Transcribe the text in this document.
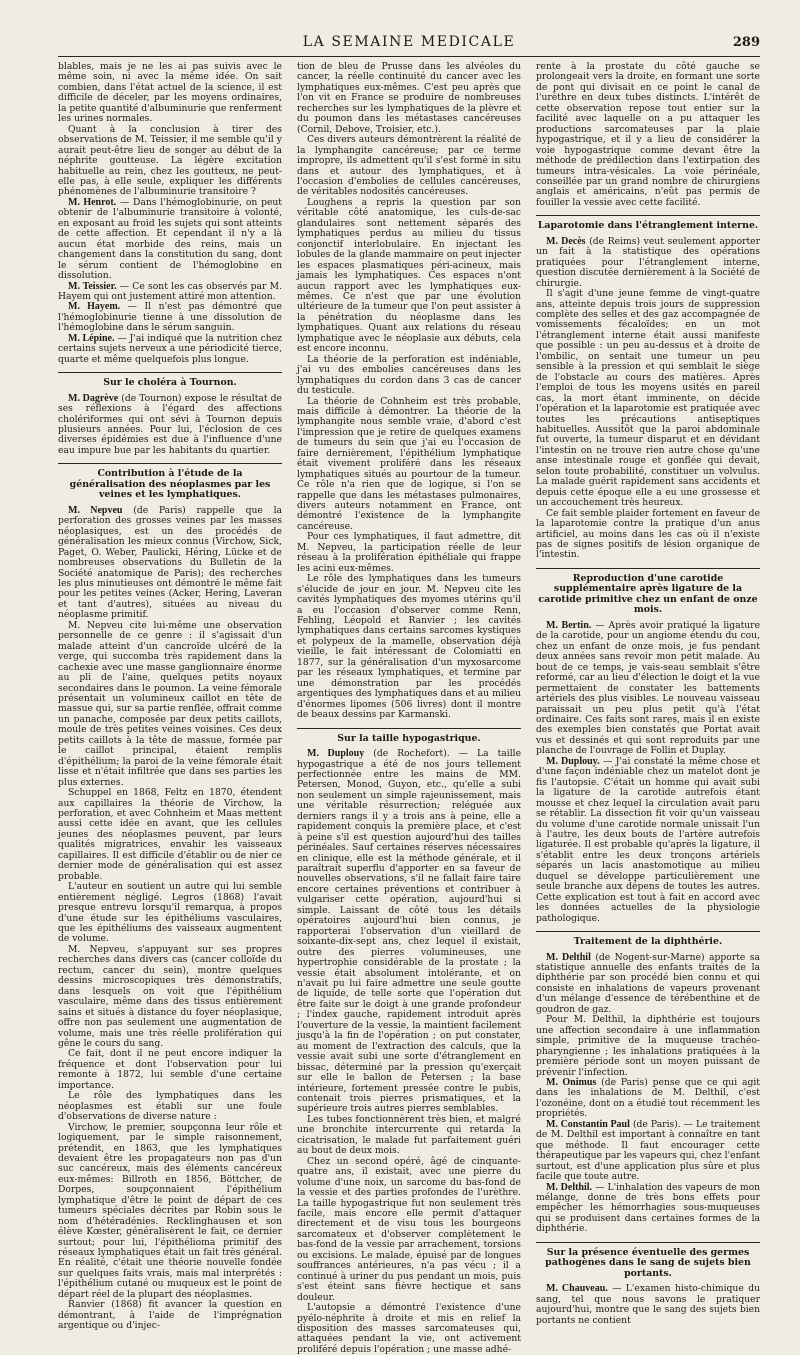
LA SEMAINE MEDICALE	289

blables, mais je ne les ai pas suivis avec le même soin, ni avec la même idée. On sait combien, dans l'état actuel de la science, il est difficile de déceler, par les moyens ordinaires, la petite quantité d'albuminurie que renferment les urines normales.

Quant à la conclusion à tirer des observations de M. Teissier, il me semble qu'il y aurait peut-être lieu de songer au début de la néphrite goutteuse. La légère excitation habituelle au rein, chez les goutteux, ne peut-elle pas, à elle seule, expliquer les différents phénomènes de l'albuminurie transitoire ?

M. Henrot. — Dans l'hémoglobinurie, on peut obtenir de l'albuminurie transitoire à volonté, en exposant au froid les sujets qui sont atteints de cette affection. Et cependant il n'y a là aucun état morbide des reins, mais un changement dans la constitution du sang, dont le sérum contient de l'hémoglobine en dissolution.

M. Teissier. — Ce sont les cas observés par M. Hayem qui ont justement attiré mon attention.

M. Hayem. — Il n'est pas démontré que l'hémoglobinurie tienne à une dissolution de l'hémoglobine dans le sérum sanguin.

M. Lépine. — J'ai indiqué que la nutrition chez certains sujets nerveux a une périodicité tierce, quarte et même quelquefois plus longue.

Sur le choléra à Tournon.

M. Dagrève (de Tournon) expose le résultat de ses réflexions à l'égard des affections cholériformes qui ont sévi à Tournon depuis plusieurs années. Pour lui, l'éclosion de ces diverses épidémies est due à l'influence d'une eau impure bue par les habitants du quartier.

Contribution à l'étude de la généralisation des néoplasmes par les veines et les lymphatiques.

M. Nepveu (de Paris) rappelle que la perforation des grosses veines par les masses néoplasiques, est un des procédés de généralisation les mieux connus (Virchow, Sick, Paget, O. Weber, Paulicki, Héring, Lücke et de nombreuses observations du Bulletin de la Société anatomique de Paris); des recherches les plus minutieuses ont démontré le même fait pour les petites veines (Acker, Hering, Laveran et tant d'autres), situées au niveau du néoplasme primitif.

M. Nepveu cite lui-même une observation personnelle de ce genre : il s'agissait d'un malade atteint d'un cancroïde ulcéré de la verge, qui succomba très rapidement dans la cachexie avec une masse ganglionnaire énorme au pli de l'aine, quelques petits noyaux secondaires dans le poumon. La veine fémorale présentait un volumineux caillot en tête de massue qui, sur sa partie renflée, offrait comme un panache, composée par deux petits caillots, moule de très petites veines voisines. Ces deux petits caillots à la tête de massue, formée par le caillot principal, étaient remplis d'épithélium; la paroi de la veine fémorale était lisse et n'était infiltrée que dans ses parties les plus externes.

Schuppel en 1868, Feltz en 1870, étendent aux capillaires la théorie de Virchow, la perforation, et avec Cohnheim et Maas mettent aussi cette idée en avant, que les cellules jeunes des néoplasmes peuvent, par leurs qualités migratrices, envahir les vaisseaux capillaires. Il est difficile d'établir ou de nier ce dernier mode de généralisation qui est assez probable.

L'auteur en soutient un autre qui lui semble entièrement négligé. Legros (1868) l'avait presque entrevu lorsqu'il remarqua, à propos d'une étude sur les épithéliums vasculaires, que les épithéliums des vaisseaux augmentent de volume.

M. Nepveu, s'appuyant sur ses propres recherches dans divers cas (cancer colloïde du rectum, cancer du sein), montre quelques dessins microscopiques très démonstratifs, dans lesquels on voit que l'épithélium vasculaire, même dans des tissus entièrement sains et situés à distance du foyer néoplasique, offre non pas seulement une augmentation de volume, mais une très réelle prolifération qui gêne le cours du sang.

Ce fait, dont il ne peut encore indiquer la fréquence et dont l'observation pour lui remonte à 1872, lui semble d'une certaine importance.

Le rôle des lymphatiques dans les néoplasmes est établi sur une foule d'observations de diverse nature :

Virchow, le premier, soupçonna leur rôle et logiquement, par le simple raisonnement, prétendit, en 1863, que les lymphatiques devaient être les propagateurs non pas d'un suc cancéreux, mais des éléments cancéreux eux-mêmes: Billroth en 1856, Böttcher, de Dorpes, soupçonnaient l'épithélium lymphatique d'être le point de départ de ces tumeurs spéciales décrites par Robin sous le nom d'hétéradénies. Recklinghausen et son élève Kœster, généralisèrent le fait, ce dernier surtout; pour lui, l'épithélioma primitif des réseaux lymphatiques était un fait très général. En réalité, c'était une théorie nouvelle fondée sur quelques faits vrais, mais mal interprétés : l'épithélium cutané ou muqueux est le point de départ réel de la plupart des néoplasmes.

Ranvier (1868) fit avancer la question en démontrant, à l'aide de l'imprégnation argentique ou d'injec-

tion de bleu de Prusse dans les alvéoles du cancer, la réelle continuité du cancer avec les lymphatiques eux-mêmes. C'est peu après que l'on vit en France se produire de nombreuses recherches sur les lymphatiques de la plèvre et du poumon dans les métastases cancéreuses (Cornil, Debove, Troisier, etc.).

Ces divers auteurs démontrèrent la réalité de la lymphangite cancéreuse; par ce terme impropre, ils admettent qu'il s'est formé in situ dans et autour des lymphatiques, et à l'occasion d'embolies de cellules cancéreuses, de véritables nodosités cancéreuses.

Loughens a repris la question par son véritable côté anatomique, les culs-de-sac glandulaires sont nettement séparés des lymphatiques perdus au milieu du tissus conjonctif interlobulaire. En injectant les lobules de la glande mammaire on peut injecter les espaces plasmatiques péri-acineux, mais jamais les lymphatiques. Ces espaces n'ont aucun rapport avec les lymphatiques eux-mêmes. Ce n'est que par une évolution ultérieure de la tumeur que l'on peut assister à la pénétration du néoplasme dans les lymphatiques. Quant aux relations du réseau lymphatique avec le néoplasie aux débuts, cela est encore inconnu.

La théorie de la perforation est indéniable, j'ai vu des embolies cancéreuses dans les lymphatiques du cordon dans 3 cas de cancer du testicule.

La théorie de Cohnheim est très probable, mais difficile à démontrer. La théorie de la lymphangite nous semble vraie, d'abord c'est l'impression que je retire de quelques examens de tumeurs du sein que j'ai eu l'occasion de faire dernièrement, l'épithélium lymphatique était vivement proliféré dans les réseaux lymphatiques situés au pourtour de la tumeur. Ce rôle n'a rien que de logique, si l'on se rappelle que dans les métastases pulmonaires, divers auteurs notamment en France, ont démontré l'existence de la lymphangite cancéreuse.

Pour ces lymphatiques, il faut admettre, dit M. Nepveu, la participation réelle de leur réseau à la prolifération épithéliale qui frappe les acini eux-mêmes.

Le rôle des lymphatiques dans les tumeurs s'élucide de jour en jour. M. Nepveu cite les cavités lymphatiques des myomes utérins qu'il a eu l'occasion d'observer comme Renn, Fehling, Léopold et Ranvier ; les cavités lymphatiques dans certains sarcomes kystiques et polypeux de la mamelle, observation déjà vieille, le fait intéressant de Colomiatti en 1877, sur la généralisation d'un myxosarcome par les réseaux lymphatiques, et termine par une démonstration par les procédés argentiques des lymphatiques dans et au milieu d'énormes lipomes (506 livres) dont il montre de beaux dessins par Karmanski.

Sur la taille hypogastrique.

M. Duplouy (de Rochefort). — La taille hypogastrique a été de nos jours tellement perfectionnée entre les mains de MM. Petersen, Monod, Guyon, etc., qu'elle a subi non seulement un simple rajeunissement, mais une véritable résurrection; reléguée aux derniers rangs il y a trois ans à peine, elle a rapidement conquis la première place, et c'est à peine s'il est question aujourd'hui des tailles périnéales. Sauf certaines réserves nécessaires en clinique, elle est la méthode générale, et il paraîtrait superflu d'apporter en sa faveur de nouvelles observations, s'il ne fallait faire taire encore certaines préventions et contribuer à vulgariser cette opération, aujourd'hui si simple. Laissant de côté tous les détails opératoires aujourd'hui bien connus, je rapporterai l'observation d'un vieillard de soixante-dix-sept ans, chez lequel il existait, outre des pierres volumineuses, une hypertrophie considérable de la prostate ; la vessie était absolument intolérante, et on n'avait pu lui faire admettre une seule goutte de liquide, de telle sorte que l'opération dut être faite sur le doigt à une grande profondeur ; l'index gauche, rapidement introduit après l'ouverture de la vessie, la maintient facilement jusqu'à la fin de l'opération ; on put constater, au moment de l'extraction des calculs, que la vessie avait subi une sorte d'étranglement en bissac, déterminé par la pression qu'exerçait sur elle le ballon de Petersen ; la base intérieure, fortement pressée contre le pubis, contenait trois pierres prismatiques, et la supérieure trois autres pierres semblables.

Les tubes fonctionnèrent très bien, et malgré une bronchite intercurrente qui retarda la cicatrisation, le malade fut parfaitement guéri au bout de deux mois.

Chez un second opéré, âgé de cinquante-quatre ans, il existait, avec une pierre du volume d'une noix, un sarcome du bas-fond de la vessie et des parties profondes de l'urèthre. La taille hypogastrique fut non seulement très facile, mais encore elle permit d'attaquer directement et de visu tous les bourgeons sarcomateux et d'observer complètement le bas-fond de la vessie par arrachement, torsions ou excisions. Le malade, épuisé par de longues souffrances antérieures, n'a pas vécu ; il a continué à uriner du pus pendant un mois, puis s'est éteint sans fièvre hectique et sans douleur.

L'autopsie a démontré l'existence d'une pyélo-néphrite à droite et mis en relief la disposition des masses sarcomateuses qui, attaquées pendant la vie, ont activement proliféré depuis l'opération ; une masse adhé-

rente à la prostate du côté gauche se prolongeait vers la droite, en formant une sorte de pont qui divisait en ce point le canal de l'urèthre en deux tubes distincts. L'intérêt de cette observation repose tout entier sur la facilité avec laquelle on a pu attaquer les productions sarcomateuses par la plaie hypogastrique, et il y a lieu de considérer la voie hypogastrique comme devant être la méthode de prédilection dans l'extirpation des tumeurs intra-vésicales. La voie périnéale, conseillée par un grand nombre de chirurgiens anglais et américains, n'eût pas permis de fouiller la vessie avec cette facilité.

Laparotomie dans l'étranglement interne.

M. Decès (de Reims) veut seulement apporter un fait à la statistique des opérations pratiquées pour l'étranglement interne, question discutée dernièrement à la Société de chirurgie.

Il s'agit d'une jeune femme de vingt-quatre ans, atteinte depuis trois jours de suppression complète des selles et des gaz accompagnée de vomissements fécaloïdes; en un mot l'étranglement interne était aussi manifeste que possible : un peu au-dessus et à droite de l'ombilic, on sentait une tumeur un peu sensible à la pression et qui semblait le siège de l'obstacle au cours des matières. Après l'emploi de tous les moyens usités en pareil cas, la mort étant imminente, on décide l'opération et la laparotomie est pratiquée avec toutes les précautions antiseptiques habituelles. Aussitôt que la paroi abdominale fut ouverte, la tumeur disparut et en dévidant l'intestin on ne trouve rien autre chose qu'une anse intestinale rouge et gonflée qui devait, selon toute probabilité, constituer un volvulus. La malade guérit rapidement sans accidents et depuis cette époque elle a eu une grossesse et un accouchement très heureux.

Ce fait semble plaider fortement en faveur de la laparotomie contre la pratique d'un anus artificiel, au moins dans les cas où il n'existe pas de signes positifs de lésion organique de l'intestin.

Reproduction d'une carotide supplémentaire après ligature de la carotide primitive chez un enfant de onze mois.

M. Bertin. — Après avoir pratiqué la ligature de la carotide, pour un angiome étendu du cou, chez un enfant de onze mois, je fus pendant deux années sans revoir mon petit malade. Au bout de ce temps, je vais-seau semblait s'être reformé, car au lieu d'élection le doigt et la vue permettaient de constater les battements artériels des plus visibles. Le nouveau vaisseau paraissait un peu plus petit qu'à l'état ordinaire. Ces faits sont rares, mais il en existe des exemples bien constatés que Portat avait vus et dessinés et qui sont reproduits par une planche de l'ouvrage de Follin et Duplay.

M. Duplouy. — J'ai constaté la même chose et d'une façon indéniable chez un matelot dont je fis l'autopsie. C'était un homme qui avait subi la ligature de la carotide autrefois étant mousse et chez lequel la circulation avait paru se rétablir. La dissection fit voir qu'un vaisseau du volume d'une carotide normale unissait l'un à l'autre, les deux bouts de l'artère autrefois ligaturée. Il est probable qu'après la ligature, il s'établit entre les deux tronçons artériels séparés un lacis anastomotique au milieu duquel se développe particulièrement une seule branche aux dépens de toutes les autres. Cette explication est tout à fait en accord avec les données actuelles de la physiologie pathologique.

Traitement de la diphthérie.

M. Delthil (de Nogent-sur-Marne) apporte sa statistique annuelle des enfants traités de la diphthérie par son procédé bien connu et qui consiste en inhalations de vapeurs provenant d'un mélange d'essence de térébenthine et de goudron de gaz.

Pour M. Delthil, la diphthérie est toujours une affection secondaire à une inflammation simple, primitive de la muqueuse trachéo-pharyngienne ; les inhalations pratiquées à la première période sont un moyen puissant de prévenir l'infection.

M. Onimus (de Paris) pense que ce qui agit dans les inhalations de M. Delthil, c'est l'ozonéine, dont on a étudié tout récemment les propriétés.

M. Constantin Paul (de Paris). — Le traitement de M. Delthil est important à connaître en tant que méthode. Il faut encourager cette thérapeutique par les vapeurs qui, chez l'enfant surtout, est d'une application plus sûre et plus facile que toute autre.

M. Delthil. — L'inhalation des vapeurs de mon mélange, donne de très bons effets pour empêcher les hémorrhagies sous-muqueuses qui se produisent dans certaines formes de la diphthérie.

Sur la présence éventuelle des germes pathogènes dans le sang de sujets bien portants.

M. Chauveau. — L'examen histo-chimique du sang, tel que nous savons le pratiquer aujourd'hui, montre que le sang des sujets bien portants ne contient
